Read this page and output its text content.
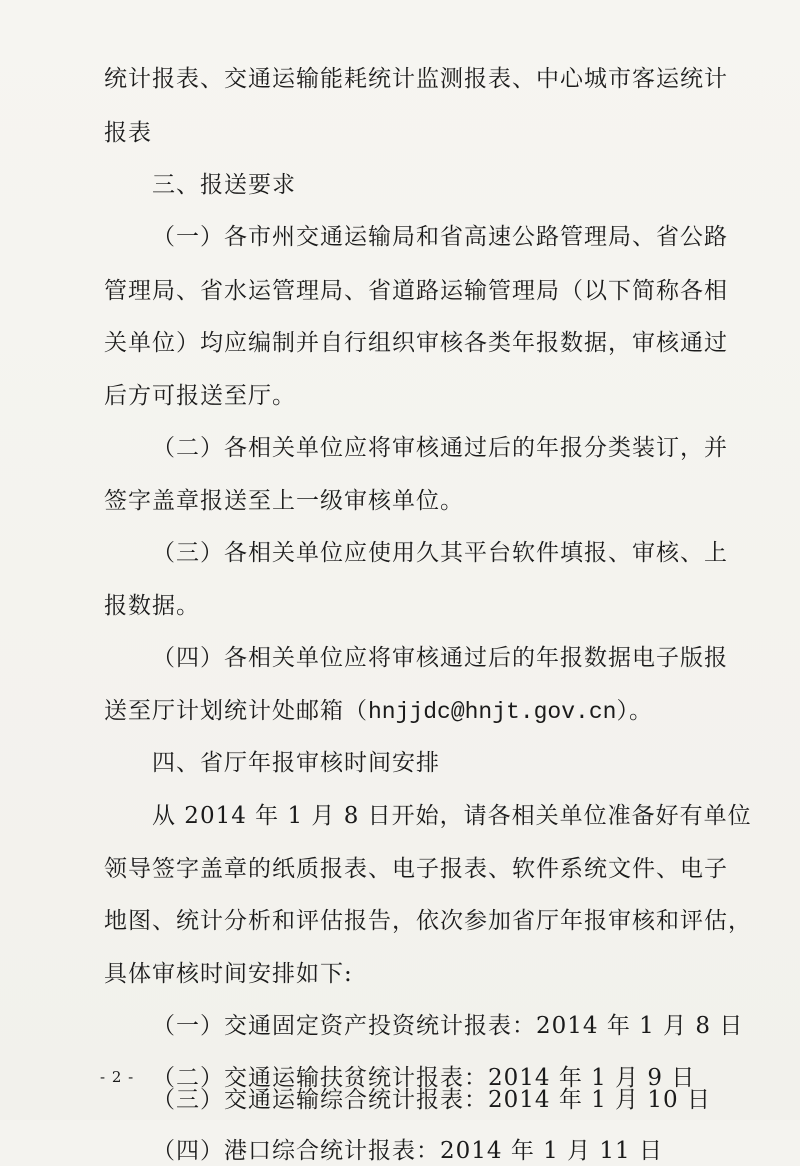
统计报表、交通运输能耗统计监测报表、中心城市客运统计
报表
三、报送要求
（一）各市州交通运输局和省高速公路管理局、省公路
管理局、省水运管理局、省道路运输管理局（以下简称各相
关单位）均应编制并自行组织审核各类年报数据，审核通过
后方可报送至厅。
（二）各相关单位应将审核通过后的年报分类装订，并
签字盖章报送至上一级审核单位。
（三）各相关单位应使用久其平台软件填报、审核、上
报数据。
（四）各相关单位应将审核通过后的年报数据电子版报
送至厅计划统计处邮箱（hnjjdc@hnjt.gov.cn）。
四、省厅年报审核时间安排
从 2014 年 1 月 8 日开始，请各相关单位准备好有单位
领导签字盖章的纸质报表、电子报表、软件系统文件、电子
地图、统计分析和评估报告，依次参加省厅年报审核和评估，
具体审核时间安排如下:
（一）交通固定资产投资统计报表：2014 年 1 月 8 日
（二）交通运输扶贫统计报表：2014 年 1 月 9 日
（三）交通运输综合统计报表：2014 年 1 月 10 日
（四）港口综合统计报表：2014 年 1 月 11 日
- 2 -
